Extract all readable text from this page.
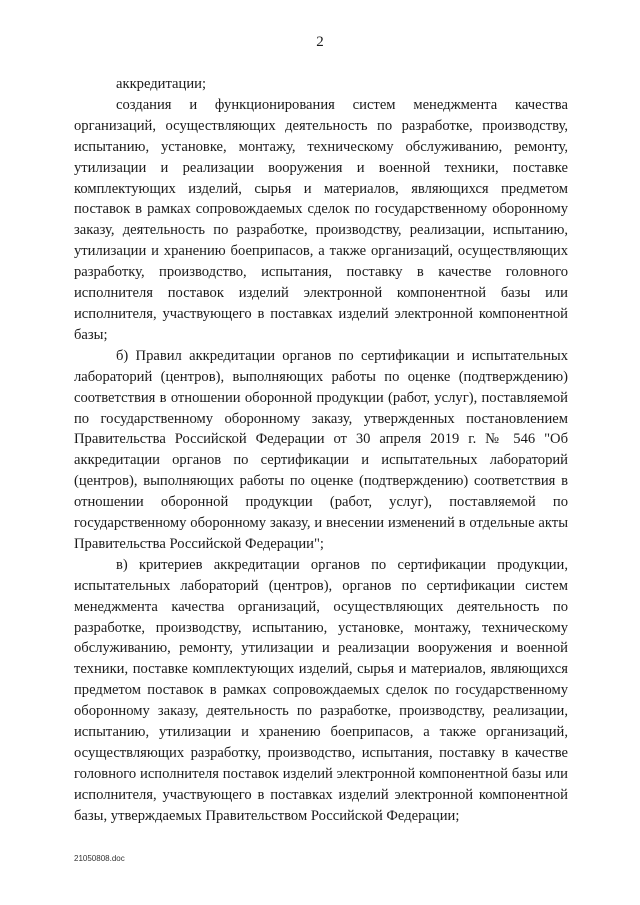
2

аккредитации;

создания и функционирования систем менеджмента качества организаций, осуществляющих деятельность по разработке, производству, испытанию, установке, монтажу, техническому обслуживанию, ремонту, утилизации и реализации вооружения и военной техники, поставке комплектующих изделий, сырья и материалов, являющихся предметом поставок в рамках сопровождаемых сделок по государственному оборонному заказу, деятельность по разработке, производству, реализации, испытанию, утилизации и хранению боеприпасов, а также организаций, осуществляющих разработку, производство, испытания, поставку в качестве головного исполнителя поставок изделий электронной компонентной базы или исполнителя, участвующего в поставках изделий электронной компонентной базы;

б) Правил аккредитации органов по сертификации и испытательных лабораторий (центров), выполняющих работы по оценке (подтверждению) соответствия в отношении оборонной продукции (работ, услуг), поставляемой по государственному оборонному заказу, утвержденных постановлением Правительства Российской Федерации от 30 апреля 2019 г. № 546 "Об аккредитации органов по сертификации и испытательных лабораторий (центров), выполняющих работы по оценке (подтверждению) соответствия в отношении оборонной продукции (работ, услуг), поставляемой по государственному оборонному заказу, и внесении изменений в отдельные акты Правительства Российской Федерации";

в) критериев аккредитации органов по сертификации продукции, испытательных лабораторий (центров), органов по сертификации систем менеджмента качества организаций, осуществляющих деятельность по разработке, производству, испытанию, установке, монтажу, техническому обслуживанию, ремонту, утилизации и реализации вооружения и военной техники, поставке комплектующих изделий, сырья и материалов, являющихся предметом поставок в рамках сопровождаемых сделок по государственному оборонному заказу, деятельность по разработке, производству, реализации, испытанию, утилизации и хранению боеприпасов, а также организаций, осуществляющих разработку, производство, испытания, поставку в качестве головного исполнителя поставок изделий электронной компонентной базы или исполнителя, участвующего в поставках изделий электронной компонентной базы, утверждаемых Правительством Российской Федерации;

21050808.doc
